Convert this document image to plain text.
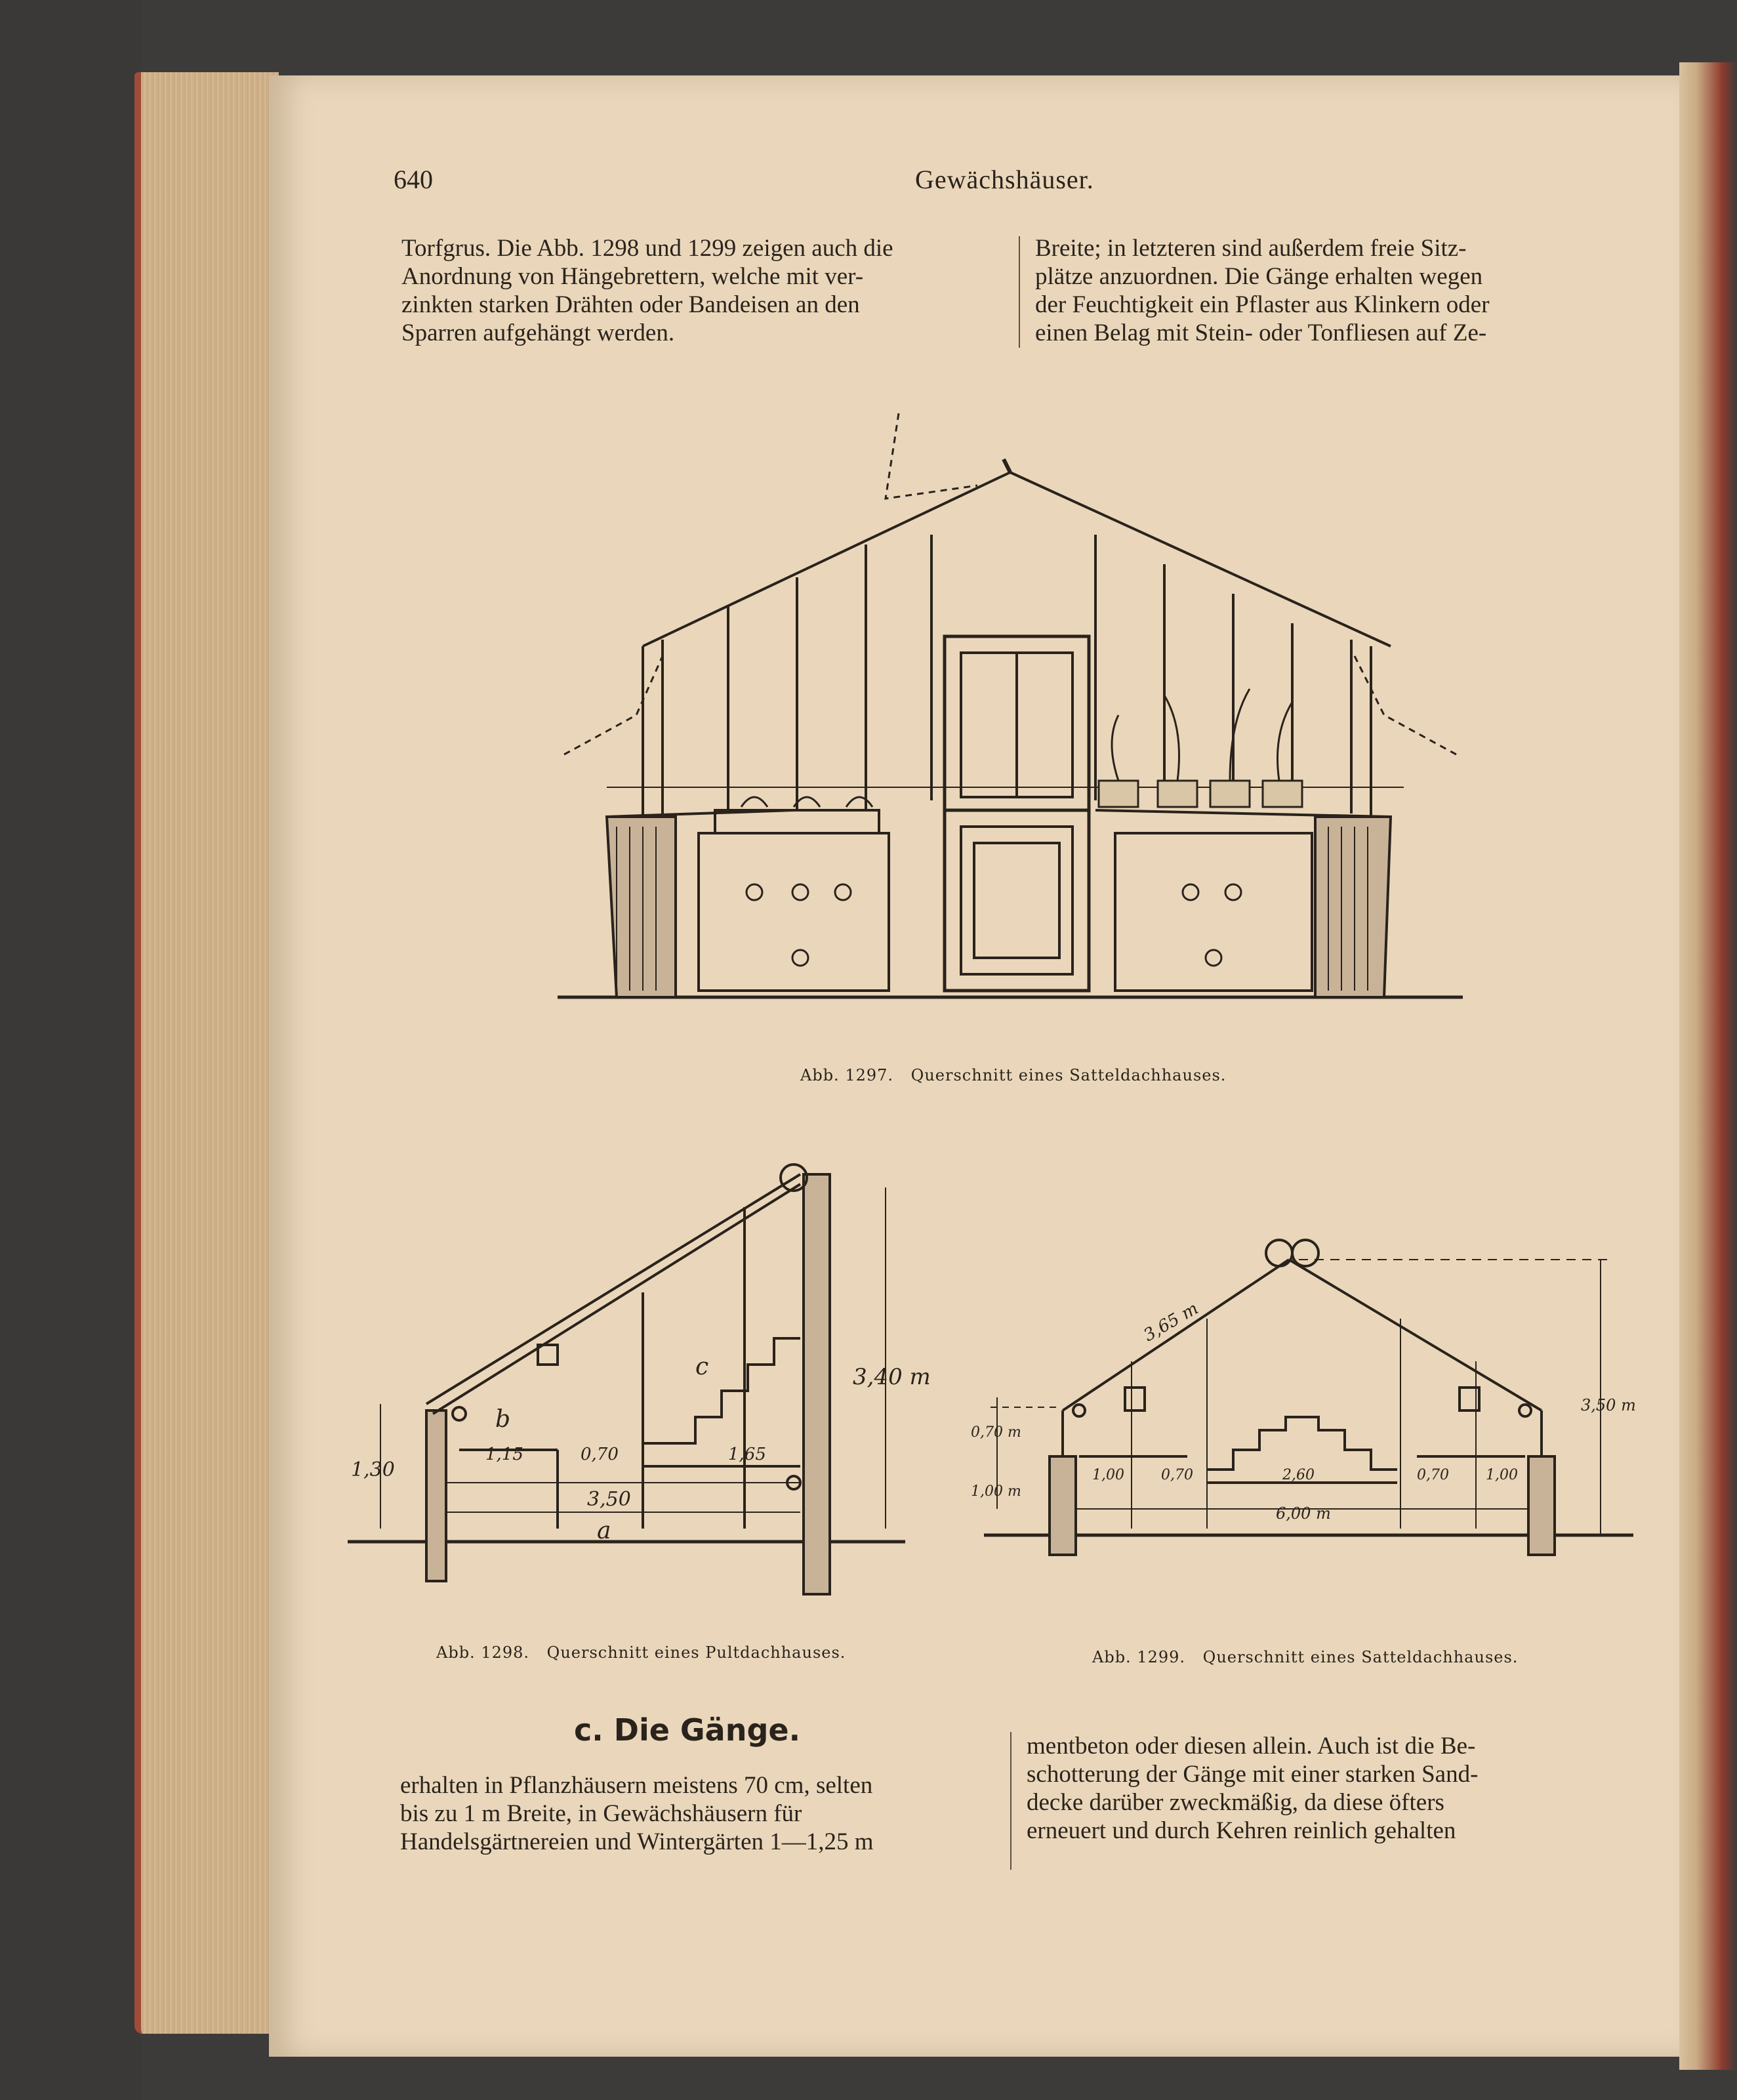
640	Gewächshäuser.

Torfgrus. Die Abb. 1298 und 1299 zeigen auch die

Anordnung von Hängebrettern, welche mit ver-

zinkten starken Drähten oder Bandeisen an den

Sparren aufgehängt werden.

Breite; in letzteren sind außerdem freie Sitz-

plätze anzuordnen. Die Gänge erhalten wegen

der Feuchtigkeit ein Pflaster aus Klinkern oder

einen Belag mit Stein- oder Tonfliesen auf Ze-

Abb. 1297. Querschnitt eines Satteldachhauses.
3,40 m
1,30
b
c
a
1,15	0,70	1,65
3,50
Abb. 1298. Querschnitt eines Pultdachhauses.
3,65 m
3,50 m
0,70 m
1,00 m
1,00	0,70	2,60	0,70	1,00
6,00 m
Abb. 1299. Querschnitt eines Satteldachhauses.
c. Die Gänge.

erhalten in Pflanzhäusern meistens 70 cm, selten

bis zu 1 m Breite, in Gewächshäusern für

Handelsgärtnereien und Wintergärten 1—1,25 m

mentbeton oder diesen allein. Auch ist die Be-

schotterung der Gänge mit einer starken Sand-

decke darüber zweckmäßig, da diese öfters

erneuert und durch Kehren reinlich gehalten
